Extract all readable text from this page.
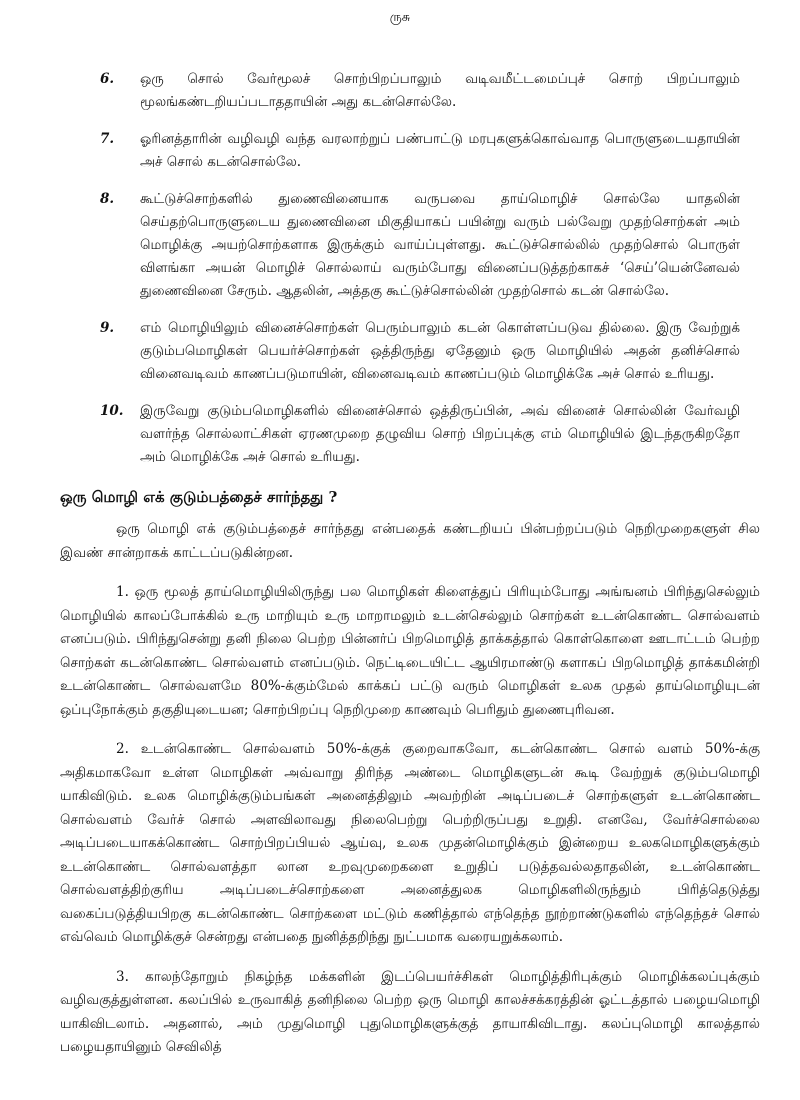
ருசு
6. ஒரு சொல் வேர்மூலச் சொற்பிறப்பாலும் வடிவமீட்டமைப்புச் சொற் பிறப்பாலும் மூலங்கண்டறியப்படாததாயின் அது கடன்சொல்லே.
7. ஓரினத்தாரின் வழிவழி வந்த வரலாற்றுப் பண்பாட்டு மரபுகளுக்கொவ்வாத பொருளுடையதாயின் அச் சொல் கடன்சொல்லே.
8. கூட்டுச்சொற்களில் துணைவினையாக வருபவை தாய்மொழிச் சொல்லே யாதலின் செய்தற்பொருளுடைய துணைவினை மிகுதியாகப் பயின்று வரும் பல்வேறு முதற்சொற்கள் அம் மொழிக்கு அயற்சொற்களாக இருக்கும் வாய்ப்புள்ளது. கூட்டுச்சொல்லில் முதற்சொல் பொருள் விளங்கா அயன் மொழிச் சொல்லாய் வரும்போது வினைப்படுத்தற்காகச் ‘செய்’யென்னேவல் துணைவினை சேரும். ஆதலின், அத்தகு கூட்டுச்சொல்லின் முதற்சொல் கடன் சொல்லே.
9. எம் மொழியிலும் வினைச்சொற்கள் பெரும்பாலும் கடன் கொள்ளப்படுவ தில்லை. இரு வேற்றுக் குடும்பமொழிகள் பெயர்ச்சொற்கள் ஒத்திருந்து ஏதேனும் ஒரு மொழியில் அதன் தனிச்சொல் வினைவடிவம் காணப்படுமாயின், வினைவடிவம் காணப்படும் மொழிக்கே அச் சொல் உரியது.
10. இருவேறு குடும்பமொழிகளில் வினைச்சொல் ஒத்திருப்பின், அவ் வினைச் சொல்லின் வேர்வழி வளர்ந்த சொல்லாட்சிகள் ஏரணமுறை தழுவிய சொற் பிறப்புக்கு எம் மொழியில் இடந்தருகிறதோ அம் மொழிக்கே அச் சொல் உரியது.
ஒரு மொழி எக் குடும்பத்தைச் சார்ந்தது ?

ஒரு மொழி எக் குடும்பத்தைச் சார்ந்தது என்பதைக் கண்டறியப் பின்பற்றப்படும் நெறிமுறைகளுள் சில இவண் சான்றாகக் காட்டப்படுகின்றன.

1. ஒரு மூலத் தாய்மொழியிலிருந்து பல மொழிகள் கிளைத்துப் பிரியும்போது அங்ஙனம் பிரிந்துசெல்லும் மொழியில் காலப்போக்கில் உரு மாறியும் உரு மாறாமலும் உடன்செல்லும் சொற்கள் உடன்கொண்ட சொல்வளம் எனப்படும். பிரிந்துசென்று தனி நிலை பெற்ற பின்னர்ப் பிறமொழித் தாக்கத்தால் கொள்கொளை ஊடாட்டம் பெற்ற சொற்கள் கடன்கொண்ட சொல்வளம் எனப்படும். நெட்டிடையிட்ட ஆயிரமாண்டு களாகப் பிறமொழித் தாக்கமின்றி உடன்கொண்ட சொல்வளமே 80%-க்கும்மேல் காக்கப் பட்டு வரும் மொழிகள் உலக முதல் தாய்மொழியுடன் ஒப்புநோக்கும் தகுதியுடையன; சொற்பிறப்பு நெறிமுறை காணவும் பெரிதும் துணைபுரிவன.

2. உடன்கொண்ட சொல்வளம் 50%-க்குக் குறைவாகவோ, கடன்கொண்ட சொல் வளம் 50%-க்கு அதிகமாகவோ உள்ள மொழிகள் அவ்வாறு திரிந்த அண்டை மொழிகளுடன் கூடி வேற்றுக் குடும்பமொழி யாகிவிடும். உலக மொழிக்குடும்பங்கள் அனைத்திலும் அவற்றின் அடிப்படைச் சொற்களுள் உடன்கொண்ட சொல்வளம் வேர்ச் சொல் அளவிலாவது நிலைபெற்று பெற்றிருப்பது உறுதி. எனவே, வேர்ச்சொல்லை அடிப்படையாகக்கொண்ட சொற்பிறப்பியல் ஆய்வு, உலக முதன்மொழிக்கும் இன்றைய உலகமொழிகளுக்கும் உடன்கொண்ட சொல்வளத்தா லான உறவுமுறைகளை உறுதிப் படுத்தவல்லதாதலின், உடன்கொண்ட சொல்வளத்திற்குரிய அடிப்படைச்சொற்களை அனைத்துலக மொழிகளிலிருந்தும் பிரித்தெடுத்து வகைப்படுத்தியபிறகு கடன்கொண்ட சொற்களை மட்டும் கணித்தால் எந்தெந்த நூற்றாண்டுகளில் எந்தெந்தச் சொல் எவ்வெம் மொழிக்குச் சென்றது என்பதை நுனித்தறிந்து நுட்பமாக வரையறுக்கலாம்.

3. காலந்தோறும் நிகழ்ந்த மக்களின் இடப்பெயர்ச்சிகள் மொழித்திரிபுக்கும் மொழிக்கலப்புக்கும் வழிவகுத்துள்ளன. கலப்பில் உருவாகித் தனிநிலை பெற்ற ஒரு மொழி காலச்சக்கரத்தின் ஓட்டத்தால் பழையமொழி யாகிவிடலாம். அதனால், அம் முதுமொழி புதுமொழிகளுக்குத் தாயாகிவிடாது. கலப்புமொழி காலத்தால் பழையதாயினும் செவிலித்
